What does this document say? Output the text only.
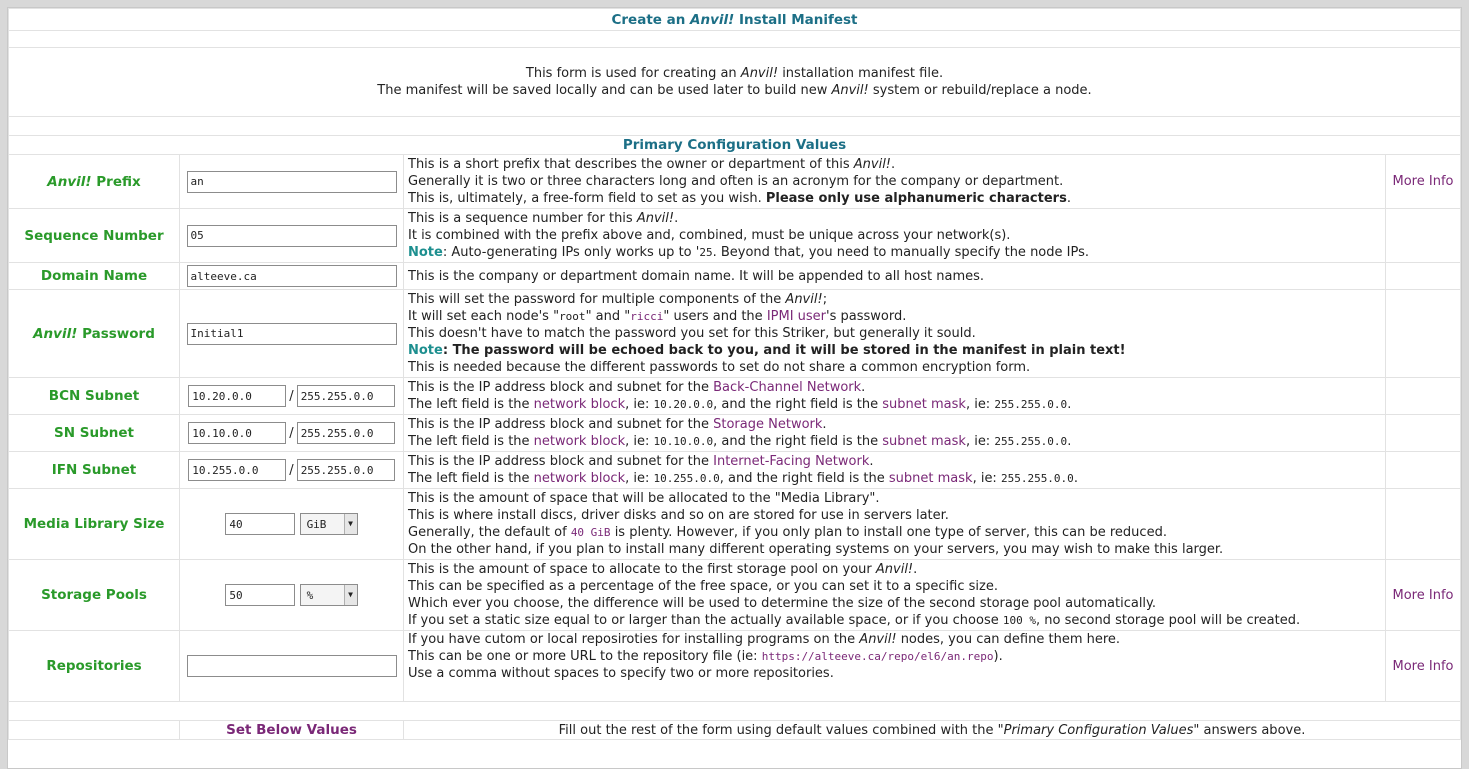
Create an Anvil! Install Manifest			

This form is used for creating an Anvil! installation manifest file.
The manifest will be saved locally and can be used later to build new Anvil! system or rebuild/replace a node.			

Primary Configuration Values			
Anvil! Prefix	an	This is a short prefix that describes the owner or department of this Anvil!.
Generally it is two or three characters long and often is an acronym for the company or department.
This is, ultimately, a free-form field to set as you wish. Please only use alphanumeric characters.	More Info
Sequence Number	05	This is a sequence number for this Anvil!.
It is combined with the prefix above and, combined, must be unique across your network(s).
Note: Auto-generating IPs only works up to '25. Beyond that, you need to manually specify the node IPs.	
Domain Name	alteeve.ca	This is the company or department domain name. It will be appended to all host names.	
Anvil! Password	Initial1	This will set the password for multiple components of the Anvil!;
It will set each node's "root" and "ricci" users and the IPMI user's password.
This doesn't have to match the password you set for this Striker, but generally it sould.
Note: The password will be echoed back to you, and it will be stored in the manifest in plain text!
This is needed because the different passwords to set do not share a common encryption form.	
BCN Subnet	10.20.0.0/255.255.0.0	This is the IP address block and subnet for the Back-Channel Network.
The left field is the network block, ie: 10.20.0.0, and the right field is the subnet mask, ie: 255.255.0.0.	
SN Subnet	10.10.0.0/255.255.0.0	This is the IP address block and subnet for the Storage Network.
The left field is the network block, ie: 10.10.0.0, and the right field is the subnet mask, ie: 255.255.0.0.	
IFN Subnet	10.255.0.0/255.255.0.0	This is the IP address block and subnet for the Internet-Facing Network.
The left field is the network block, ie: 10.255.0.0, and the right field is the subnet mask, ie: 255.255.0.0.	
Media Library Size	40GiB ▼	This is the amount of space that will be allocated to the "Media Library".
This is where install discs, driver disks and so on are stored for use in servers later.
Generally, the default of 40 GiB is plenty. However, if you only plan to install one type of server, this can be reduced.
On the other hand, if you plan to install many different operating systems on your servers, you may wish to make this larger.	
Storage Pools	50% ▼	This is the amount of space to allocate to the first storage pool on your Anvil!.
This can be specified as a percentage of the free space, or you can set it to a specific size.
Which ever you choose, the difference will be used to determine the size of the second storage pool automatically.
If you set a static size equal to or larger than the actually available space, or if you choose 100 %, no second storage pool will be created.	More Info
Repositories		If you have cutom or local reposiroties for installing programs on the Anvil! nodes, you can define them here.
This can be one or more URL to the repository file (ie: https://alteeve.ca/repo/el6/an.repo).
Use a comma without spaces to specify two or more repositories.	More Info

	Set Below Values	Fill out the rest of the form using default values combined with the "Primary Configuration Values" answers above.	
